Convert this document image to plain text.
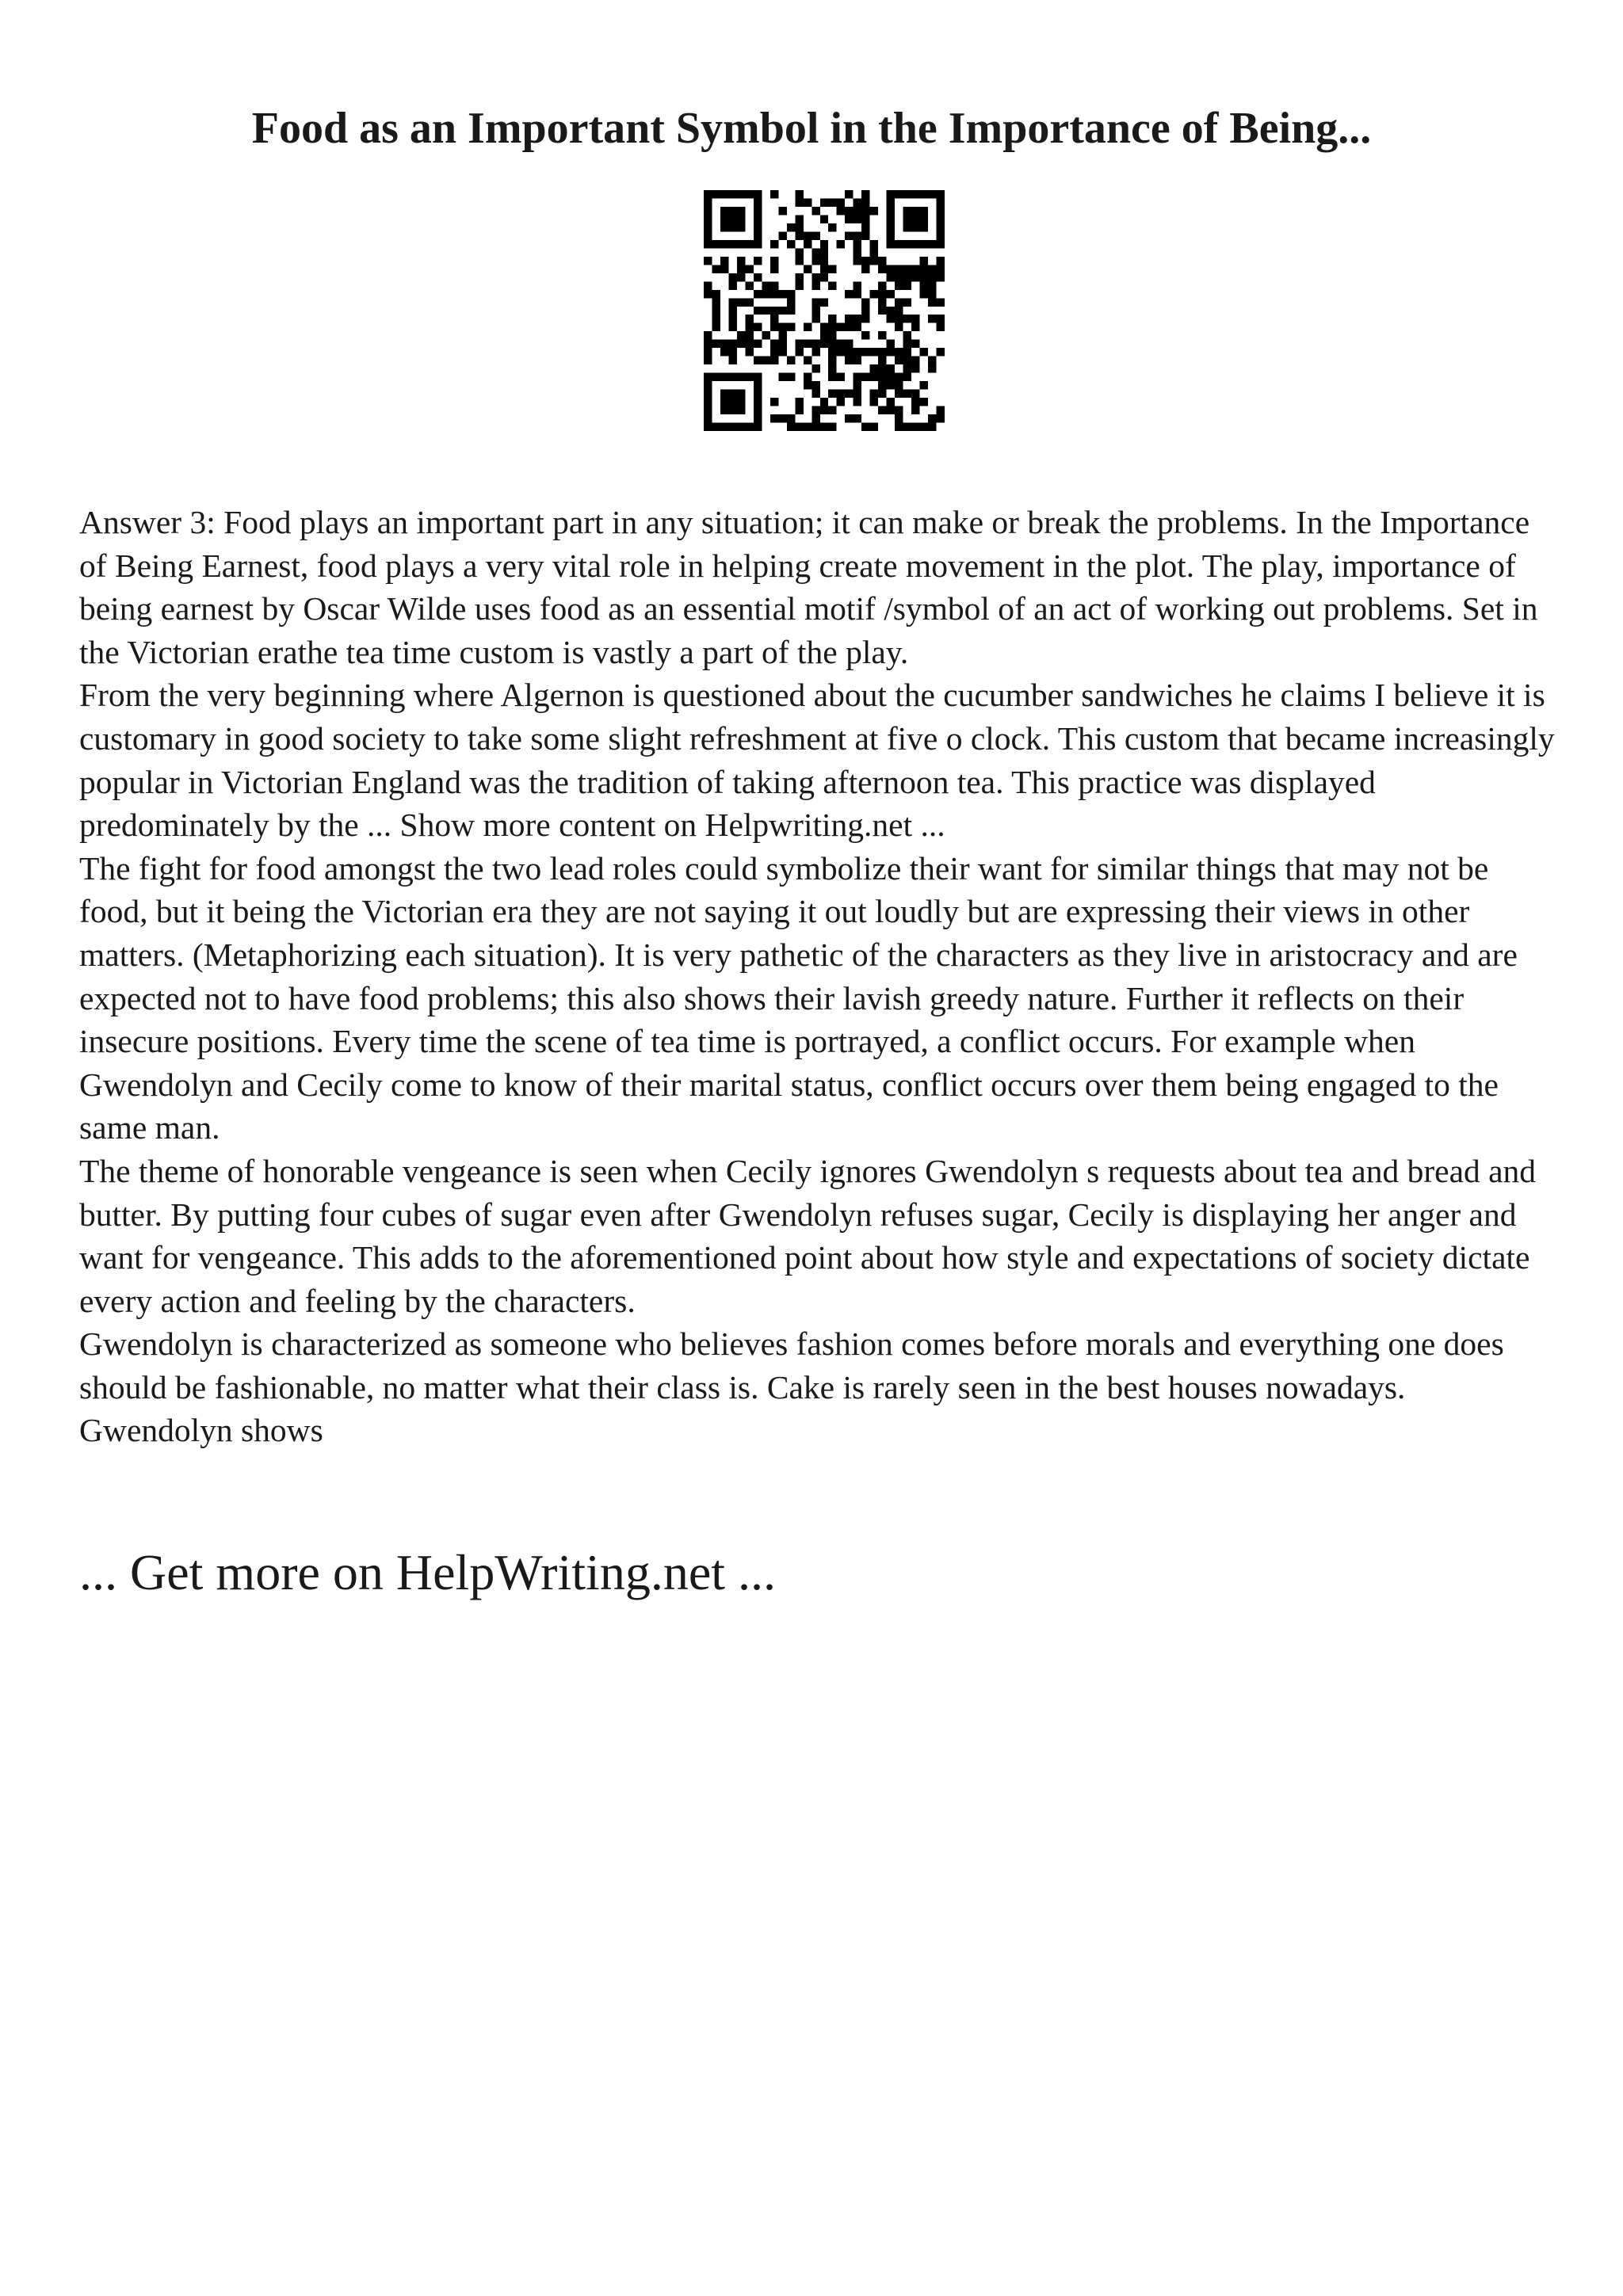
Food as an Important Symbol in the Importance of Being...

Answer 3: Food plays an important part in any situation; it can make or break the problems. In the Importance of Being Earnest, food plays a very vital role in helping create movement in the plot. The play, importance of being earnest by Oscar Wilde uses food as an essential motif /symbol of an act of working out problems. Set in the Victorian erathe tea time custom is vastly a part of the play.

From the very beginning where Algernon is questioned about the cucumber sandwiches he claims I believe it is customary in good society to take some slight refreshment at five o clock. This custom that became increasingly popular in Victorian England was the tradition of taking afternoon tea. This practice was displayed predominately by the ... Show more content on Helpwriting.net ...

The fight for food amongst the two lead roles could symbolize their want for similar things that may not be food, but it being the Victorian era they are not saying it out loudly but are expressing their views in other matters. (Metaphorizing each situation). It is very pathetic of the characters as they live in aristocracy and are expected not to have food problems; this also shows their lavish greedy nature. Further it reflects on their insecure positions. Every time the scene of tea time is portrayed, a conflict occurs. For example when Gwendolyn and Cecily come to know of their marital status, conflict occurs over them being engaged to the same man.

The theme of honorable vengeance is seen when Cecily ignores Gwendolyn s requests about tea and bread and butter. By putting four cubes of sugar even after Gwendolyn refuses sugar, Cecily is displaying her anger and want for vengeance. This adds to the aforementioned point about how style and expectations of society dictate every action and feeling by the characters.

Gwendolyn is characterized as someone who believes fashion comes before morals and everything one does should be fashionable, no matter what their class is. Cake is rarely seen in the best houses nowadays. Gwendolyn shows

... Get more on HelpWriting.net ...
